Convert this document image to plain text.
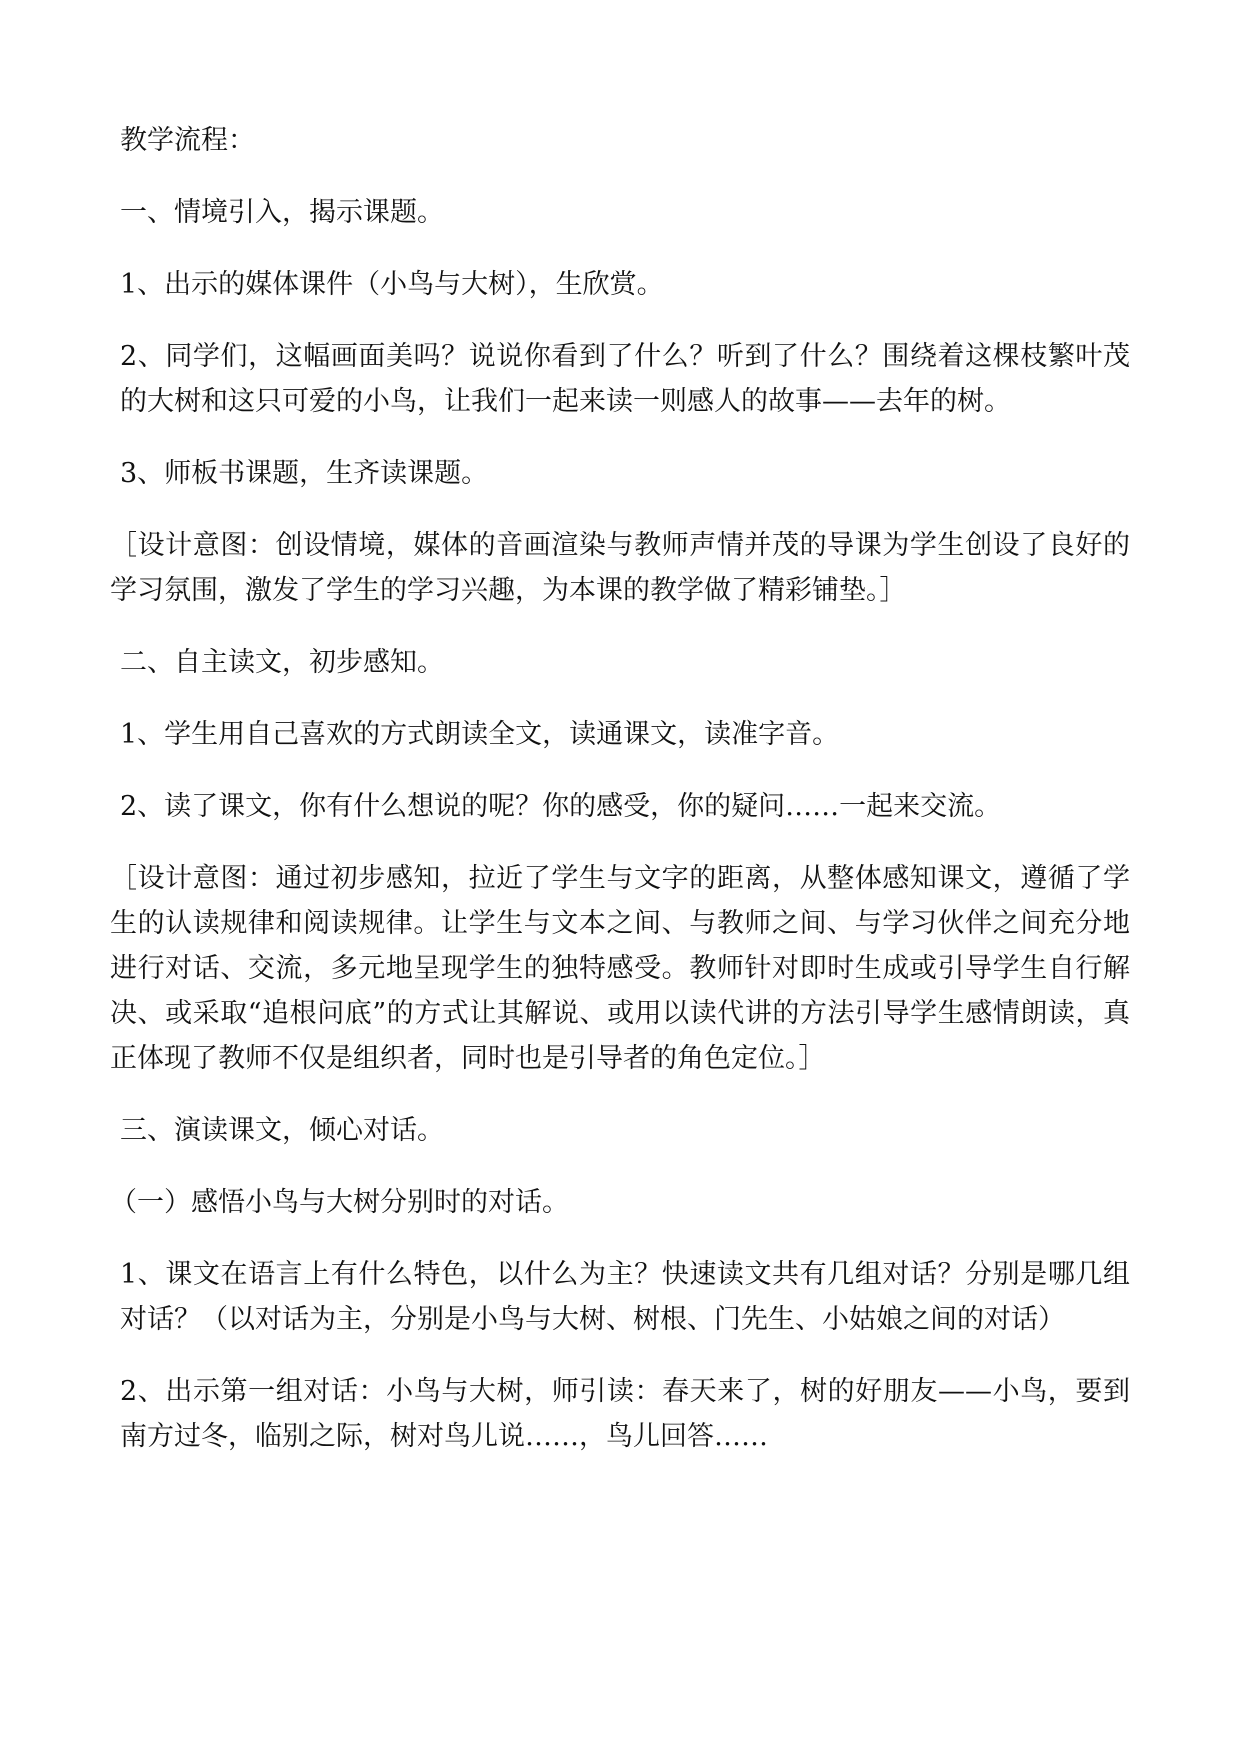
教学流程：

一、情境引入，揭示课题。

1、出示的媒体课件（小鸟与大树），生欣赏。

2、同学们，这幅画面美吗？说说你看到了什么？听到了什么？围绕着这棵枝繁叶茂的大树和这只可爱的小鸟，让我们一起来读一则感人的故事——去年的树。

3、师板书课题，生齐读课题。

［设计意图：创设情境，媒体的音画渲染与教师声情并茂的导课为学生创设了良好的学习氛围，激发了学生的学习兴趣，为本课的教学做了精彩铺垫。］

二、自主读文，初步感知。

1、学生用自己喜欢的方式朗读全文，读通课文，读准字音。

2、读了课文，你有什么想说的呢？你的感受，你的疑问……一起来交流。

［设计意图：通过初步感知，拉近了学生与文字的距离，从整体感知课文，遵循了学生的认读规律和阅读规律。让学生与文本之间、与教师之间、与学习伙伴之间充分地进行对话、交流，多元地呈现学生的独特感受。教师针对即时生成或引导学生自行解决、或采取“追根问底”的方式让其解说、或用以读代讲的方法引导学生感情朗读，真正体现了教师不仅是组织者，同时也是引导者的角色定位。］

三、演读课文，倾心对话。

（一）感悟小鸟与大树分别时的对话。

1、课文在语言上有什么特色，以什么为主？快速读文共有几组对话？分别是哪几组对话？（以对话为主，分别是小鸟与大树、树根、门先生、小姑娘之间的对话）

2、出示第一组对话：小鸟与大树，师引读：春天来了，树的好朋友——小鸟，要到南方过冬，临别之际，树对鸟儿说……，鸟儿回答……
